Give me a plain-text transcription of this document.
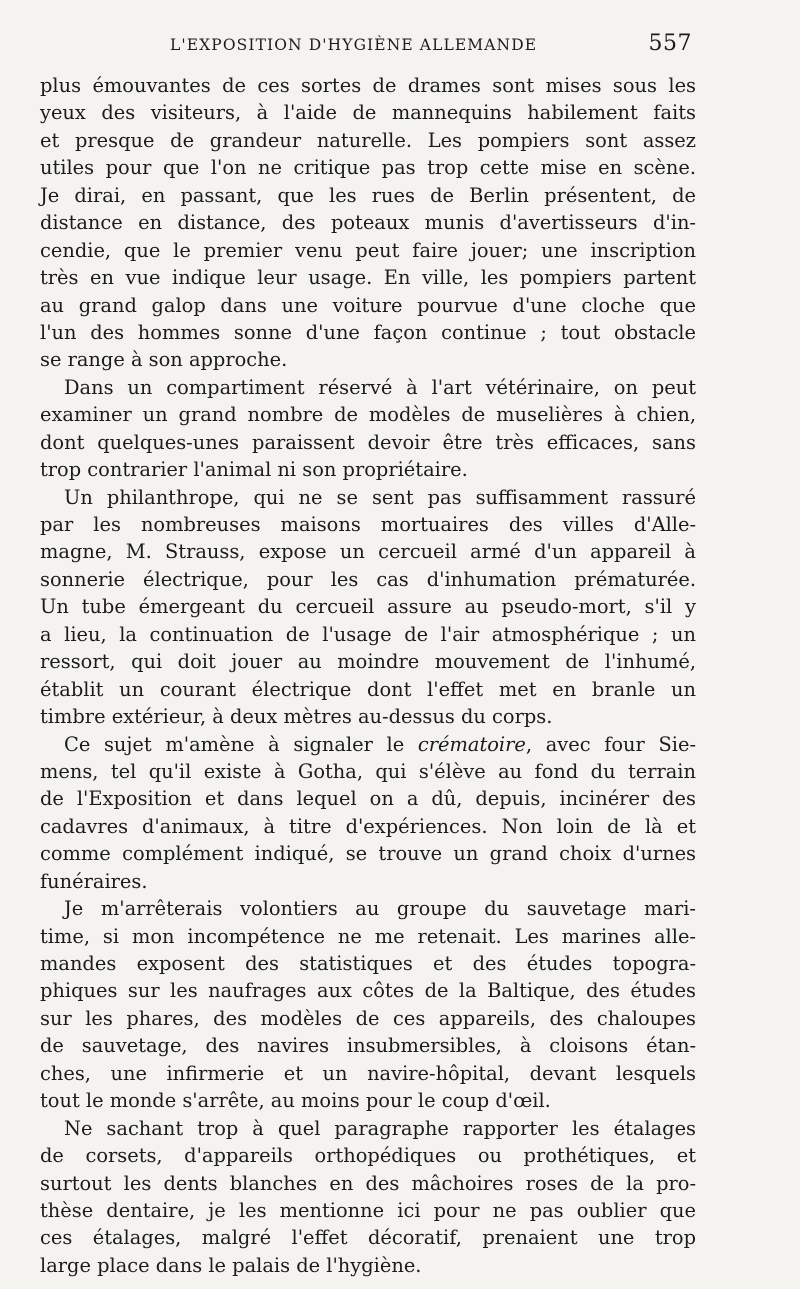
L'EXPOSITION D'HYGIÈNE ALLEMANDE	557
plus émouvantes de ces sortes de drames sont mises sous les
yeux des visiteurs, à l'aide de mannequins habilement faits
et presque de grandeur naturelle. Les pompiers sont assez
utiles pour que l'on ne critique pas trop cette mise en scène.
Je dirai, en passant, que les rues de Berlin présentent, de
distance en distance, des poteaux munis d'avertisseurs d'in-
cendie, que le premier venu peut faire jouer; une inscription
très en vue indique leur usage. En ville, les pompiers partent
au grand galop dans une voiture pourvue d'une cloche que
l'un des hommes sonne d'une façon continue ; tout obstacle
se range à son approche.
Dans un compartiment réservé à l'art vétérinaire, on peut
examiner un grand nombre de modèles de muselières à chien,
dont quelques-unes paraissent devoir être très efficaces, sans
trop contrarier l'animal ni son propriétaire.
Un philanthrope, qui ne se sent pas suffisamment rassuré
par les nombreuses maisons mortuaires des villes d'Alle-
magne, M. Strauss, expose un cercueil armé d'un appareil à
sonnerie électrique, pour les cas d'inhumation prématurée.
Un tube émergeant du cercueil assure au pseudo-mort, s'il y
a lieu, la continuation de l'usage de l'air atmosphérique ; un
ressort, qui doit jouer au moindre mouvement de l'inhumé,
établit un courant électrique dont l'effet met en branle un
timbre extérieur, à deux mètres au-dessus du corps.
Ce sujet m'amène à signaler le crématoire, avec four Sie-
mens, tel qu'il existe à Gotha, qui s'élève au fond du terrain
de l'Exposition et dans lequel on a dû, depuis, incinérer des
cadavres d'animaux, à titre d'expériences. Non loin de là et
comme complément indiqué, se trouve un grand choix d'urnes
funéraires.
Je m'arrêterais volontiers au groupe du sauvetage mari-
time, si mon incompétence ne me retenait. Les marines alle-
mandes exposent des statistiques et des études topogra-
phiques sur les naufrages aux côtes de la Baltique, des études
sur les phares, des modèles de ces appareils, des chaloupes
de sauvetage, des navires insubmersibles, à cloisons étan-
ches, une infirmerie et un navire-hôpital, devant lesquels
tout le monde s'arrête, au moins pour le coup d'œil.
Ne sachant trop à quel paragraphe rapporter les étalages
de corsets, d'appareils orthopédiques ou prothétiques, et
surtout les dents blanches en des mâchoires roses de la pro-
thèse dentaire, je les mentionne ici pour ne pas oublier que
ces étalages, malgré l'effet décoratif, prenaient une trop
large place dans le palais de l'hygiène.
